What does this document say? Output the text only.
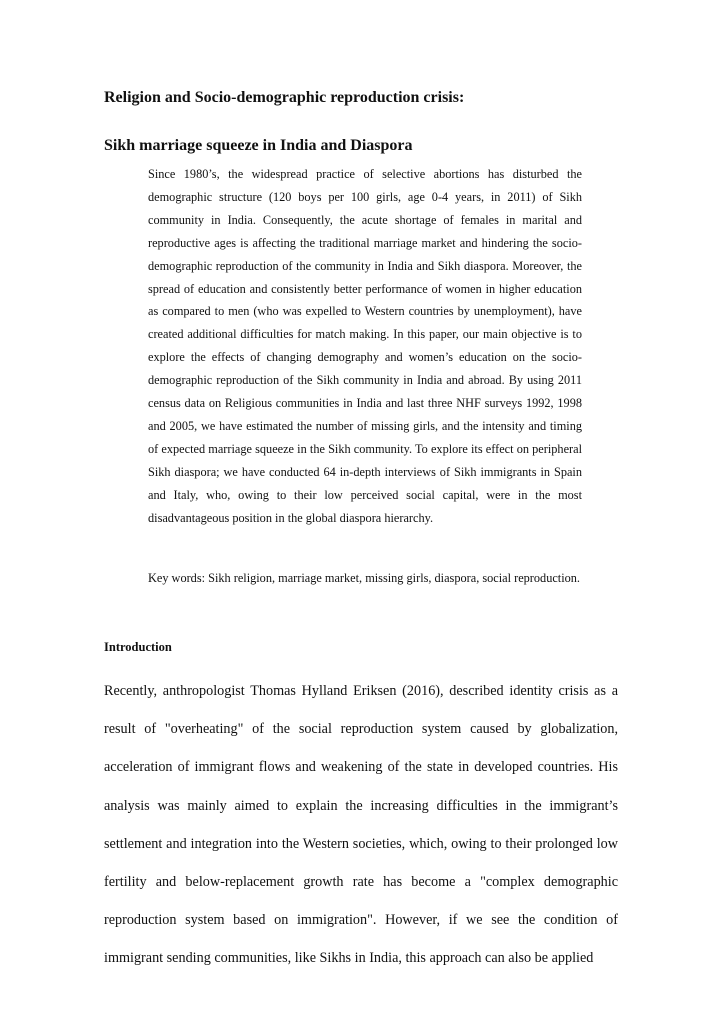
Religion and Socio-demographic reproduction crisis:
Sikh marriage squeeze in India and Diaspora

Since 1980’s, the widespread practice of selective abortions has disturbed the demographic structure (120 boys per 100 girls, age 0-4 years, in 2011) of Sikh community in India. Consequently, the acute shortage of females in marital and reproductive ages is affecting the traditional marriage market and hindering the socio-demographic reproduction of the community in India and Sikh diaspora. Moreover, the spread of education and consistently better performance of women in higher education as compared to men (who was expelled to Western countries by unemployment), have created additional difficulties for match making. In this paper, our main objective is to explore the effects of changing demography and women’s education on the socio-demographic reproduction of the Sikh community in India and abroad. By using 2011 census data on Religious communities in India and last three NHF surveys 1992, 1998 and 2005, we have estimated the number of missing girls, and the intensity and timing of expected marriage squeeze in the Sikh community. To explore its effect on peripheral Sikh diaspora; we have conducted 64 in-depth interviews of Sikh immigrants in Spain and Italy, who, owing to their low perceived social capital, were in the most disadvantageous position in the global diaspora hierarchy.

Key words: Sikh religion, marriage market, missing girls, diaspora, social reproduction.

Introduction

Recently, anthropologist Thomas Hylland Eriksen (2016), described identity crisis as a result of "overheating" of the social reproduction system caused by globalization, acceleration of immigrant flows and weakening of the state in developed countries. His analysis was mainly aimed to explain the increasing difficulties in the immigrant’s settlement and integration into the Western societies, which, owing to their prolonged low fertility and below-replacement growth rate has become a "complex demographic reproduction system based on immigration". However, if we see the condition of immigrant sending communities, like Sikhs in India, this approach can also be applied
